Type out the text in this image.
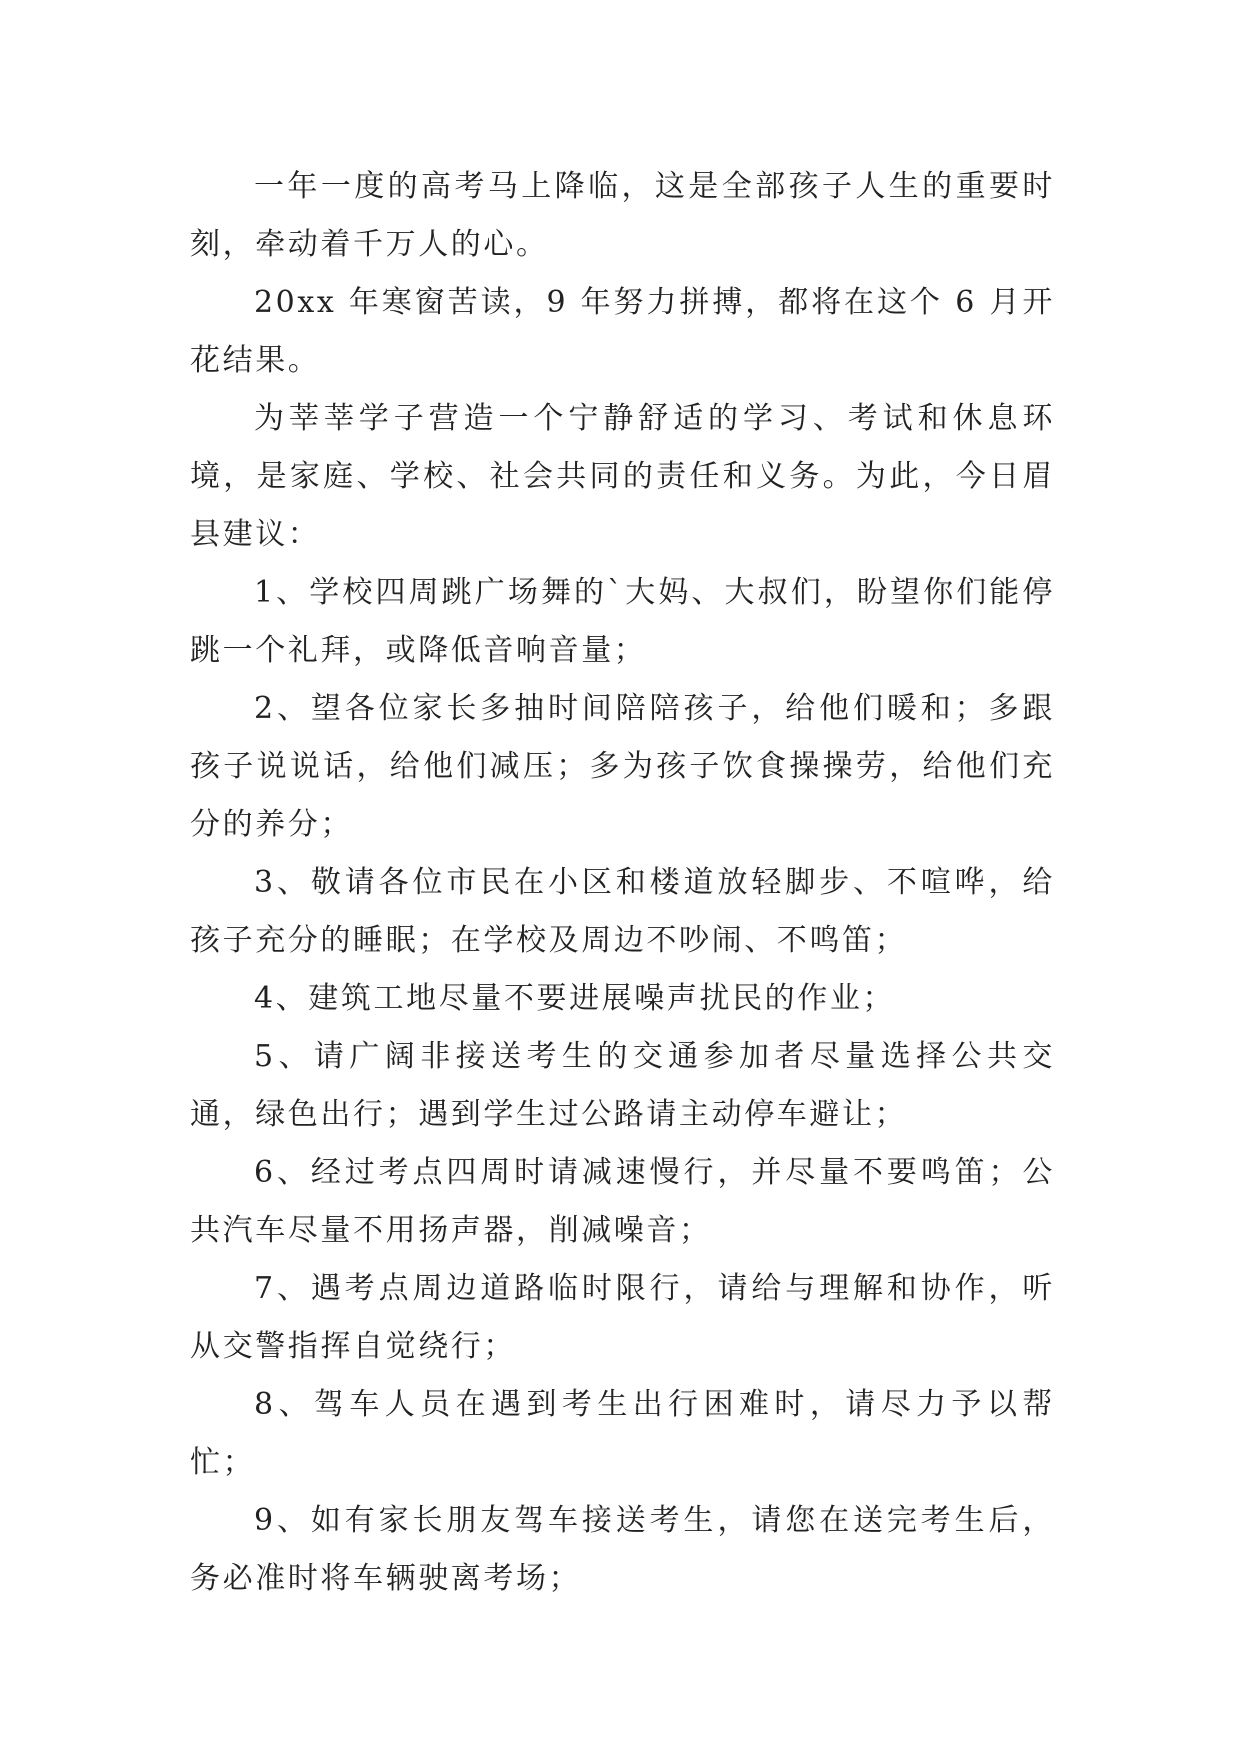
一年一度的高考马上降临，这是全部孩子人生的重要时刻，牵动着千万人的心。

20xx 年寒窗苦读，9 年努力拼搏，都将在这个 6 月开花结果。

为莘莘学子营造一个宁静舒适的学习、考试和休息环境，是家庭、学校、社会共同的责任和义务。为此，今日眉县建议：

1、学校四周跳广场舞的`大妈、大叔们，盼望你们能停跳一个礼拜，或降低音响音量；

2、望各位家长多抽时间陪陪孩子，给他们暖和；多跟孩子说说话，给他们减压；多为孩子饮食操操劳，给他们充分的养分；

3、敬请各位市民在小区和楼道放轻脚步、不喧哗，给孩子充分的睡眠；在学校及周边不吵闹、不鸣笛；

4、建筑工地尽量不要进展噪声扰民的作业；

5、请广阔非接送考生的交通参加者尽量选择公共交通，绿色出行；遇到学生过公路请主动停车避让；

6、经过考点四周时请减速慢行，并尽量不要鸣笛；公共汽车尽量不用扬声器，削减噪音；

7、遇考点周边道路临时限行，请给与理解和协作，听从交警指挥自觉绕行；

8、驾车人员在遇到考生出行困难时，请尽力予以帮忙；

9、如有家长朋友驾车接送考生，请您在送完考生后，务必准时将车辆驶离考场；
